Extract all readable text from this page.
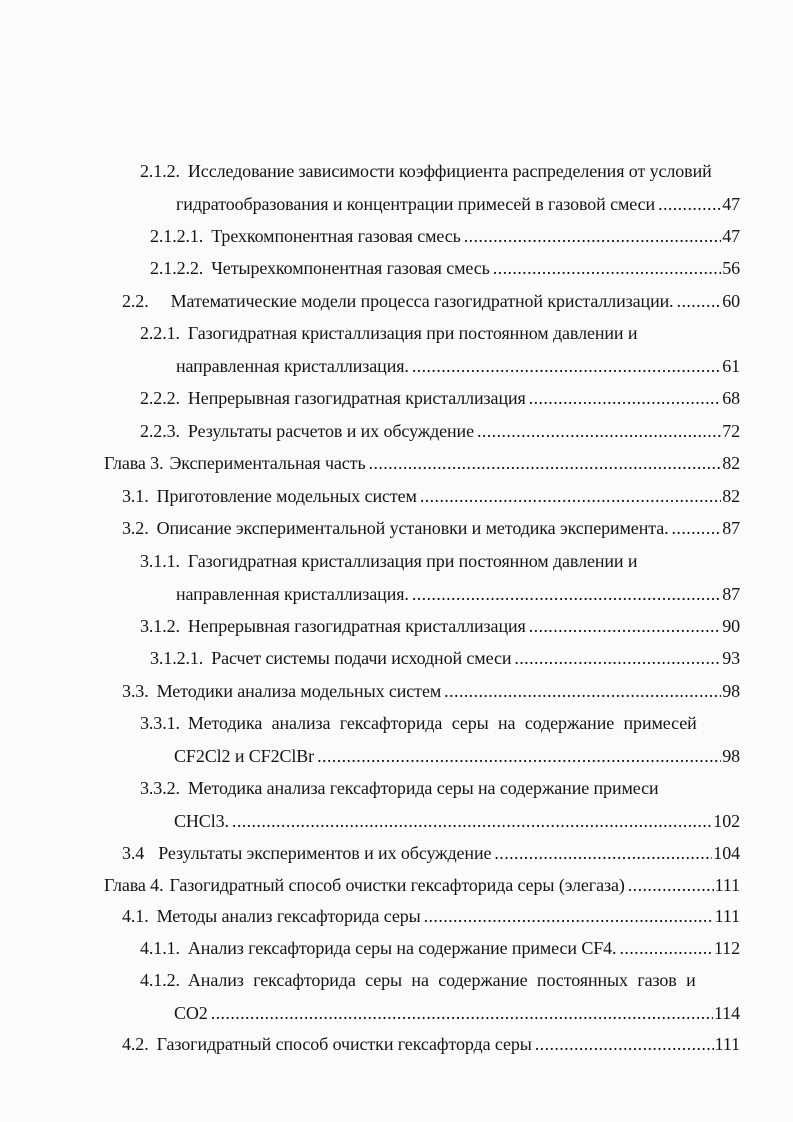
2.1.2. Исследование зависимости коэффициента распределения от условий
гидратообразования и концентрации примесей в газовой смеси .....	47
2.1.2.1. Трехкомпонентная газовая смесь .....	47
2.1.2.2. Четырехкомпонентная газовая смесь .....	56
2.2. Математические модели процесса газогидратной кристаллизации. .....	60
2.2.1. Газогидратная кристаллизация при постоянном давлении и
направленная кристаллизация. .....	61
2.2.2. Непрерывная газогидратная кристаллизация .....	68
2.2.3. Результаты расчетов и их обсуждение .....	72
Глава 3. Экспериментальная часть .....	82
3.1. Приготовление модельных систем .....	82
3.2. Описание экспериментальной установки и методика эксперимента. .....	87
3.1.1. Газогидратная кристаллизация при постоянном давлении и
направленная кристаллизация. .....	87
3.1.2. Непрерывная газогидратная кристаллизация .....	90
3.1.2.1. Расчет системы подачи исходной смеси .....	93
3.3. Методики анализа модельных систем .....	98
3.3.1. Методика анализа гексафторида серы на содержание примесей
CF2Cl2 и CF2ClBr .....	98
3.3.2. Методика анализа гексафторида серы на содержание примеси
CHCl3. .....	102
3.4 Результаты экспериментов и их обсуждение .....	104
Глава 4. Газогидратный способ очистки гексафторида серы (элегаза) .....	111
4.1. Методы анализ гексафторида серы .....	111
4.1.1. Анализ гексафторида серы на содержание примеси CF4. .....	112
4.1.2. Анализ гексафторида серы на содержание постоянных газов и
CO2 .....	114
4.2. Газогидратный способ очистки гексафторда серы .....	111
